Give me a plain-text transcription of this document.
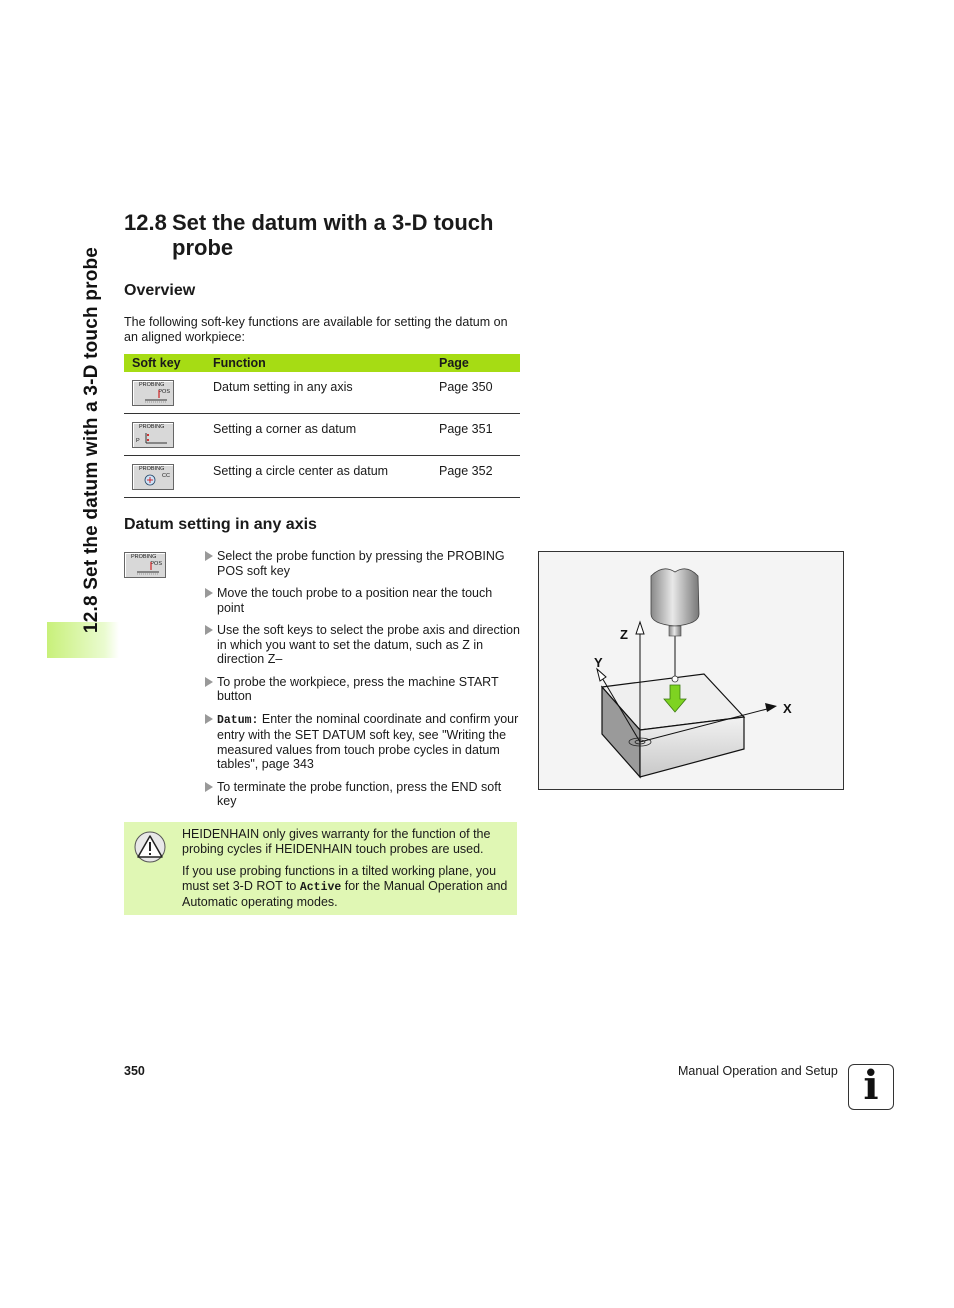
12.8 Set the datum with a 3-D touch probe
12.8 Set the datum with a 3-D touch
probe
Overview
The following soft-key functions are available for setting the datum on an aligned workpiece:
Soft key	Function	Page

PROBING
POS	Datum setting in any axis	Page 350

PROBING
P	Setting a corner as datum	Page 351

PROBING
CC	Setting a circle center as datum	Page 352
Datum setting in any axis
PROBING
POS
Select the probe function by pressing the PROBING POS soft key
Move the touch probe to a position near the touch point
Use the soft keys to select the probe axis and direction in which you want to set the datum, such as Z in direction Z–
To probe the workpiece, press the machine START button
Datum: Enter the nominal coordinate and confirm your entry with the SET DATUM soft key, see "Writing the measured values from touch probe cycles in datum tables", page 343
To terminate the probe function, press the END soft key
HEIDENHAIN only gives warranty for the function of the probing cycles if HEIDENHAIN touch probes are used.
If you use probing functions in a tilted working plane, you must set 3-D ROT to Active for the Manual Operation and Automatic operating modes.
Z
Y
X
350	Manual Operation and Setup i
